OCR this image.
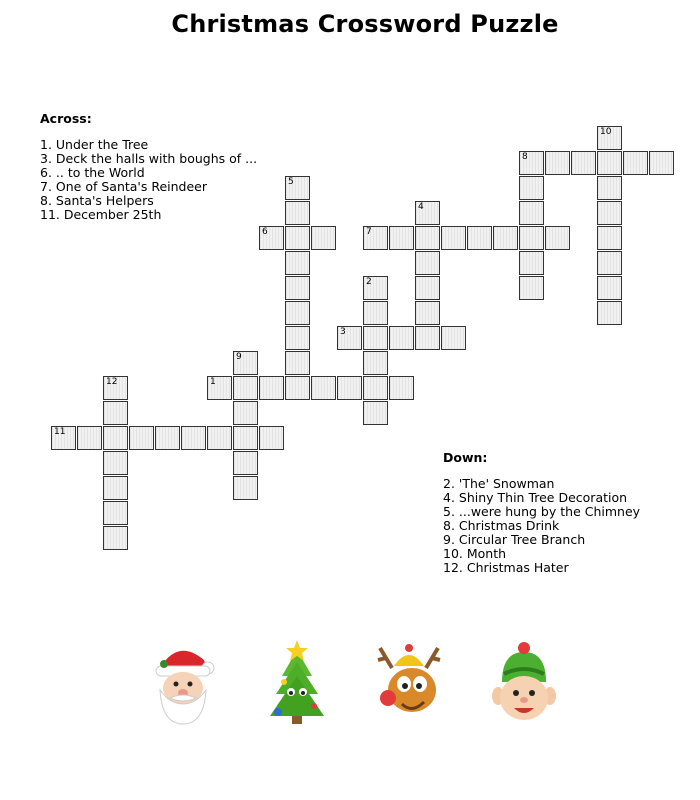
Christmas Crossword Puzzle
Across:
1. Under the Tree
3. Deck the halls with boughs of ...
6. .. to the World
7. One of Santa's Reindeer
8. Santa's Helpers
11. December 25th
Down:
2. 'The' Snowman
4. Shiny Thin Tree Decoration
5. ...were hung by the Chimney
8. Christmas Drink
9. Circular Tree Branch
10. Month
12. Christmas Hater
10
8
5
4
6	7
2
3
9
12	1
11
